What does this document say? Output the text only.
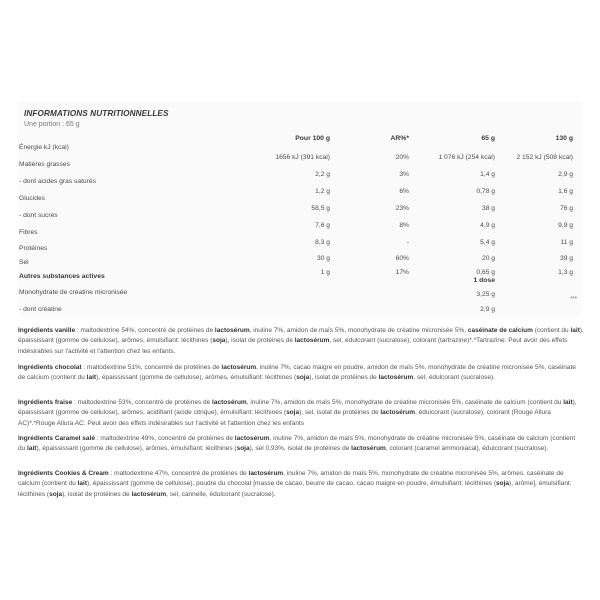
INFORMATIONS NUTRITIONNELLES
Une portion : 65 g
Pour 100 g	AR%*	65 g	130 g
Énergie kJ (kcal)
1656 kJ (391 kcal)	20%	1 076 kJ (254 kcal)	2 152 kJ (508 kcal)
Matières grasses
2,2 g	3%	1,4 g	2,9 g
- dont acides gras saturés
1,2 g	6%	0,78 g	1,6 g
Glucides
58,5 g	23%	38 g	76 g
- dont sucres
7,6 g	8%	4,9 g	9,9 g
Fibres
8,3 g	-	5,4 g	11 g
Protéines
30 g	60%	20 g	39 g
Sel
1 g	17%	0,65 g	1,3 g
Autres substances actives
1 dose
Monohydrate de créatine micronisée	3,25 g
- dont créatine	2,9 g
***
Ingrédients vanille : maltodextrine 54%, concentré de protéines de lactosérum, inuline 7%, amidon de maïs 5%, monohydrate de créatine micronisée 5%, caséinate de calcium (contient du lait), épaississant (gomme de cellulose), arômes, émulsifiant: lécithines (soja), isolat de protéines de lactosérum, sel, édulcorant (sucralose), colorant (tartrazine)*.*Tartrazine: Peut avoir des effets indésirables sur l'activité et l'attention chez les enfants.
Ingrédients chocolat : maltodextrine 51%, concentré de protéines de lactosérum, inuline 7%, cacao maigre en poudre, amidon de maïs 5%, monohydrate de créatine micronisée 5%, caséinate de calcium (contient du lait), épaississant (gomme de cellulose), arômes, émulsifiant: lécithines (soja), isolat de protéines de lactosérum, sel, édulcorant (sucralose).
Ingrédients fraise : maltodextrine 53%, concentré de protéines de lactosérum, inuline 7%, amidon de maïs 5%, monohydrate de créatine micronisée 5%, caséinate de calcium (contient du lait), épaississant (gomme de cellulose), arômes, acidifiant (acide citrique), émulsifiant: lécithines (soja), sel, isolat de protéines de lactosérum, édulcorant (sucralose), colorant (Rouge Allura AC)*.*Rouge Allura AC: Peut avoir des effets indésirables sur l'activité et l'attention chez les enfants
Ingrédients Caramel salé : maltodextrine 49%, concentré de protéines de lactosérum, inuline 7%, amidon de maïs 5%, monohydrate de créatine micronisée 5%, caséinate de calcium (contient du lait), épaississant (gomme de cellulose), arômes, émulsifiant: lécithines (soja), sel 0,93%, isolat de protéines de lactosérum, colorant (caramel ammoniacal), édulcorant (sucralose).
Ingrédients Cookies & Cream : maltodextrine 47%, concentré de protéines de lactosérum, inuline 7%, amidon de maïs 5%, monohydrate de créatine micronisée 5%, arômes, caséinate de calcium (contient du lait), épaississant (gomme de cellulose), poudre du chocolat [masse de cacao, beurre de cacao, cacao maigre en poudre, émulsifiant: lécithines (soja), arôme], émulsifiant: lécithines (soja), isolat de protéines de lactosérum, sel, cannelle, édulcorant (sucralose).
